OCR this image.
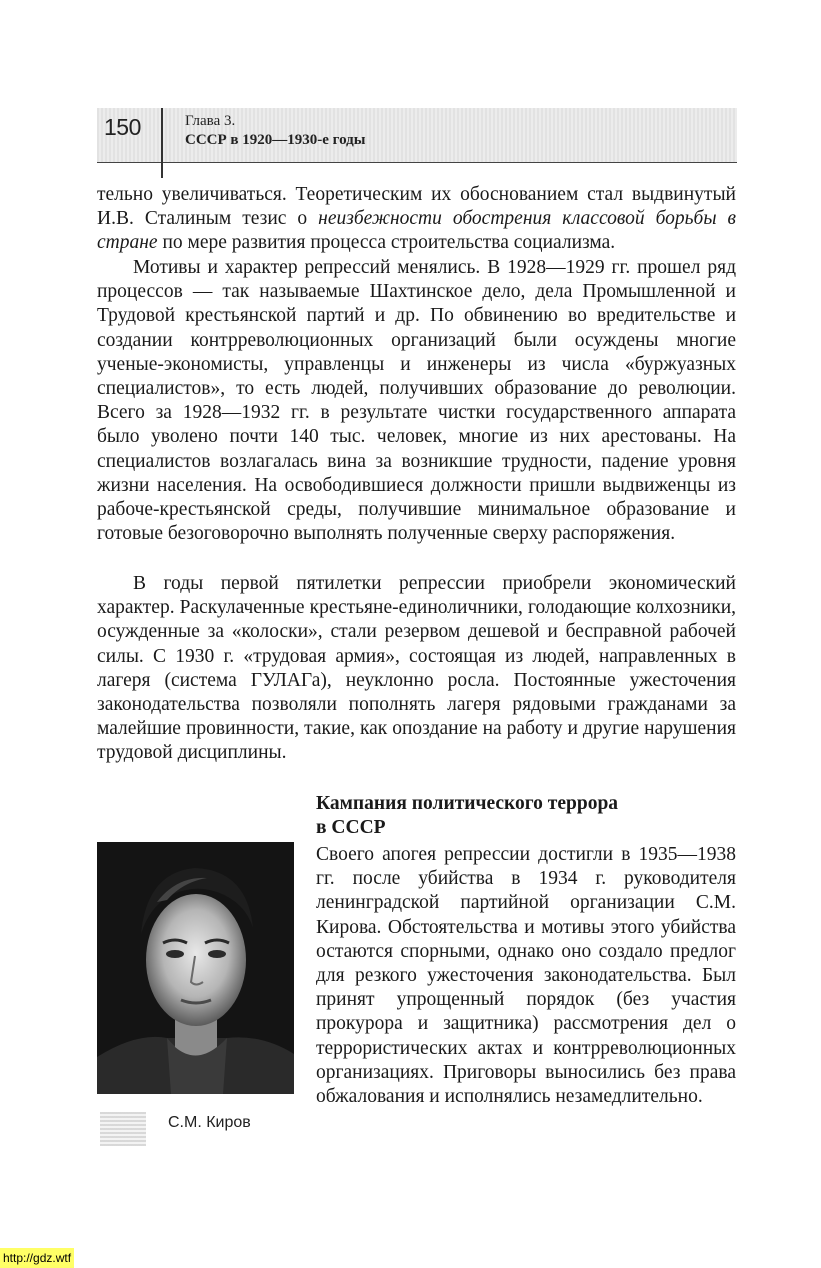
150	Глава 3.
СССР в 1920—1930-е годы

тельно увеличиваться. Теоретическим их обоснованием стал выдвинутый И.В. Сталиным тезис о неизбежности обострения классовой борьбы в стране по мере развития процесса строительства социализма.

Мотивы и характер репрессий менялись. В 1928—1929 гг. прошел ряд процессов — так называемые Шахтинское дело, дела Промышленной и Трудовой крестьянской партий и др. По обвинению во вредительстве и создании контрреволюционных организаций были осуждены многие ученые-экономисты, управленцы и инженеры из числа «буржуазных специалистов», то есть людей, получивших образование до революции. Всего за 1928—1932 гг. в результате чистки государственного аппарата было уволено почти 140 тыс. человек, многие из них арестованы. На специалистов возлагалась вина за возникшие трудности, падение уровня жизни населения. На освободившиеся должности пришли выдвиженцы из рабоче-крестьянской среды, получившие минимальное образование и готовые безоговорочно выполнять полученные сверху распоряжения.

В годы первой пятилетки репрессии приобрели экономический характер. Раскулаченные крестьяне-единоличники, голодающие колхозники, осужденные за «колоски», стали резервом дешевой и бесправной рабочей силы. С 1930 г. «трудовая армия», состоящая из людей, направленных в лагеря (система ГУЛАГа), неуклонно росла. Постоянные ужесточения законодательства позволяли пополнять лагеря рядовыми гражданами за малейшие провинности, такие, как опоздание на работу и другие нарушения трудовой дисциплины.

С.М. Киров
Кампания политического террора
в СССР

Своего апогея репрессии достигли в 1935—1938 гг. после убийства в 1934 г. руководителя ленинградской партийной организации С.М. Кирова. Обстоятельства и мотивы этого убийства остаются спорными, однако оно создало предлог для резкого ужесточения законодательства. Был принят упрощенный порядок (без участия прокурора и защитника) рассмотрения дел о террористических актах и контрреволюционных организациях. Приговоры выносились без права обжалования и исполнялись незамедлительно.

http://gdz.wtf
